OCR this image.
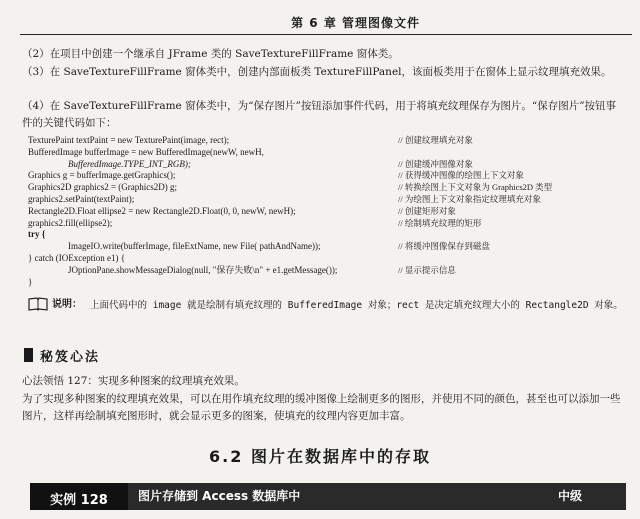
第 6 章 管理图像文件
（2）在项目中创建一个继承自 JFrame 类的 SaveTextureFillFrame 窗体类。
（3）在 SaveTextureFillFrame 窗体类中，创建内部面板类 TextureFillPanel，该面板类用于在窗体上显示纹理填充效果。
（4）在 SaveTextureFillFrame 窗体类中，为“保存图片”按钮添加事件代码，用于将填充纹理保存为图片。“保存图片”按钮事件的关键代码如下：
TexturePaint textPaint = new TexturePaint(image, rect);	// 创建纹理填充对象
BufferedImage bufferImage = new BufferedImage(newW, newH,
BufferedImage.TYPE_INT_RGB);	// 创建缓冲图像对象
Graphics g = bufferImage.getGraphics();	// 获得缓冲图像的绘图上下文对象
Graphics2D graphics2 = (Graphics2D) g;	// 转换绘图上下文对象为 Graphics2D 类型
graphics2.setPaint(textPaint);	// 为绘图上下文对象指定纹理填充对象
Rectangle2D.Float ellipse2 = new Rectangle2D.Float(0, 0, newW, newH);	// 创建矩形对象
graphics2.fill(ellipse2);	// 绘制填充纹理的矩形
try {
ImageIO.write(bufferImage, fileExtName, new File( pathAndName));	// 将缓冲图像保存到磁盘
} catch (IOException e1) {
JOptionPane.showMessageDialog(null, "保存失败\n" + e1.getMessage());	// 显示提示信息
}
说明： 上面代码中的 image 就是绘制有填充纹理的 BufferedImage 对象；rect 是决定填充纹理大小的 Rectangle2D 对象。
秘笈心法
心法领悟 127：实现多种图案的纹理填充效果。
为了实现多种图案的纹理填充效果，可以在用作填充纹理的缓冲图像上绘制更多的图形，并使用不同的颜色，甚至也可以添加一些图片，这样再绘制填充图形时，就会显示更多的图案，使填充的纹理内容更加丰富。
6.2 图片在数据库中的存取
实例 128	图片存储到 Access 数据库中	中级
